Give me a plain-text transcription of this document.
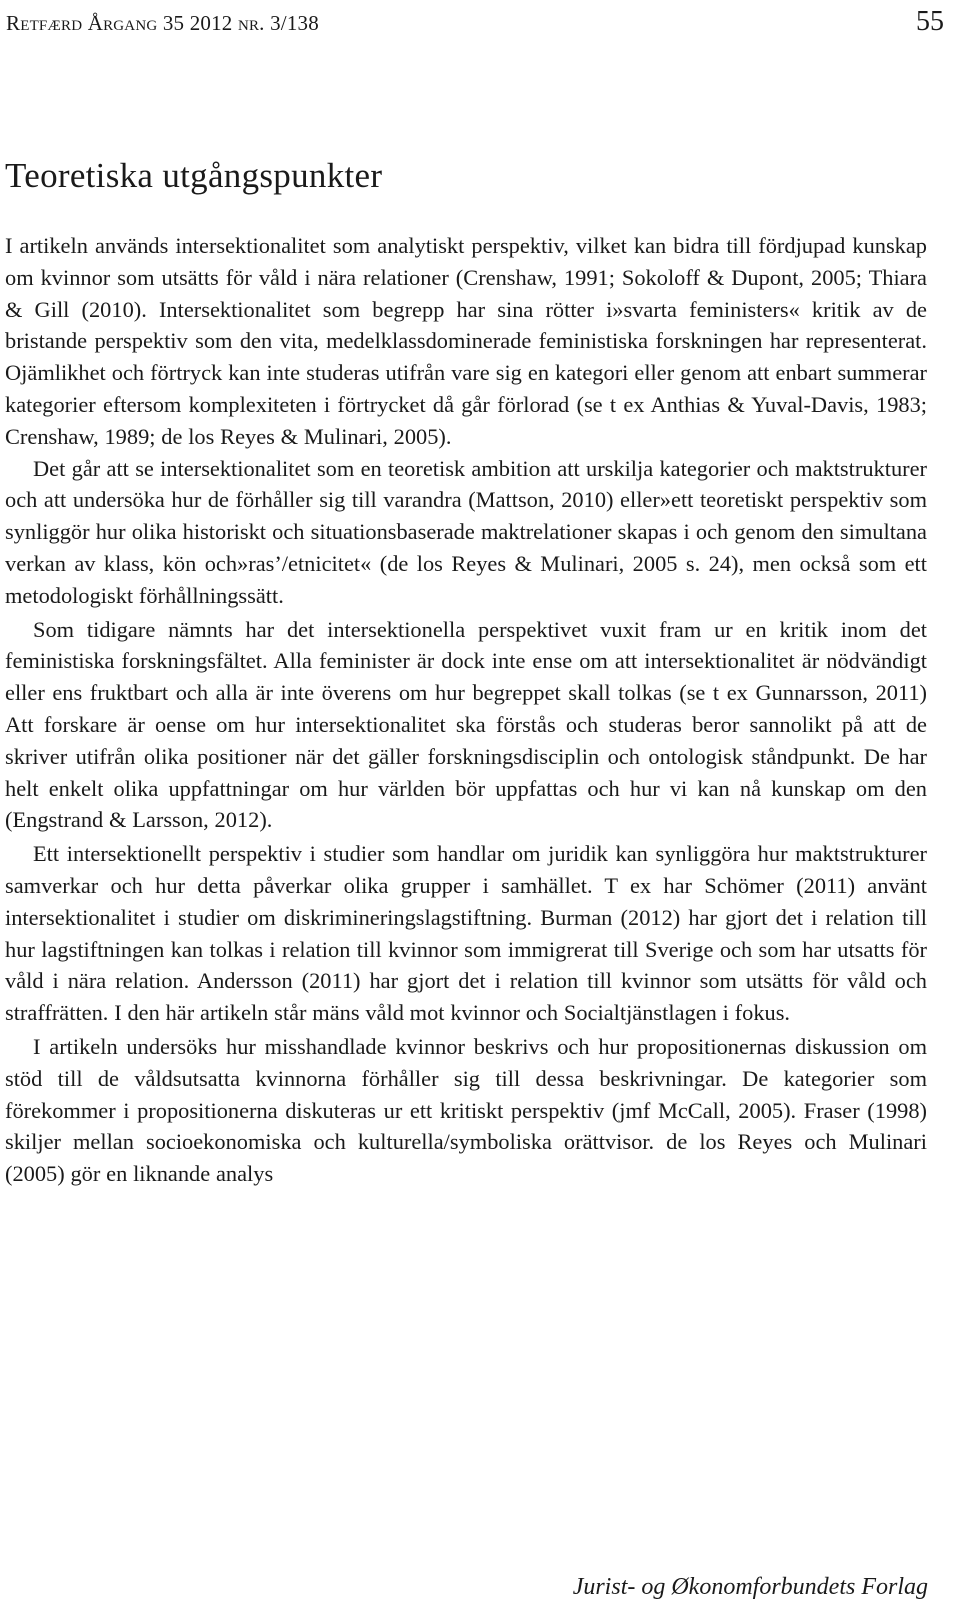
Retfærd Årgang 35 2012 nr. 3/138	55
Teoretiska utgångspunkter

I artikeln används intersektionalitet som analytiskt perspektiv, vilket kan bidra till fördjupad kunskap om kvinnor som utsätts för våld i nära relationer (Crenshaw, 1991; Sokoloff & Dupont, 2005; Thiara & Gill (2010). Intersektionalitet som begrepp har sina rötter i»svarta feministers« kritik av de bristande perspektiv som den vita, medelklassdominerade feministiska forskningen har representerat. Ojämlikhet och förtryck kan inte studeras utifrån vare sig en kategori eller genom att enbart summerar kategorier eftersom komplexiteten i förtrycket då går förlorad (se t ex Anthias & Yuval-Davis, 1983; Crenshaw, 1989; de los Reyes & Mulinari, 2005).

Det går att se intersektionalitet som en teoretisk ambition att urskilja kategorier och maktstrukturer och att undersöka hur de förhåller sig till varandra (Mattson, 2010) eller»ett teoretiskt perspektiv som synliggör hur olika historiskt och situationsbaserade maktrelationer skapas i och genom den simultana verkan av klass, kön och»ras’/etnicitet« (de los Reyes & Mulinari, 2005 s. 24), men också som ett metodologiskt förhållningssätt.

Som tidigare nämnts har det intersektionella perspektivet vuxit fram ur en kritik inom det feministiska forskningsfältet. Alla feminister är dock inte ense om att intersektionalitet är nödvändigt eller ens fruktbart och alla är inte överens om hur begreppet skall tolkas (se t ex Gunnarsson, 2011) Att forskare är oense om hur intersektionalitet ska förstås och studeras beror sannolikt på att de skriver utifrån olika positioner när det gäller forskningsdisciplin och ontologisk ståndpunkt. De har helt enkelt olika uppfattningar om hur världen bör uppfattas och hur vi kan nå kunskap om den (Engstrand & Larsson, 2012).

Ett intersektionellt perspektiv i studier som handlar om juridik kan synliggöra hur maktstrukturer samverkar och hur detta påverkar olika grupper i samhället. T ex har Schömer (2011) använt intersektionalitet i studier om diskrimineringslagstiftning. Burman (2012) har gjort det i relation till hur lagstiftningen kan tolkas i relation till kvinnor som immigrerat till Sverige och som har utsatts för våld i nära relation. Andersson (2011) har gjort det i relation till kvinnor som utsätts för våld och straffrätten. I den här artikeln står mäns våld mot kvinnor och Socialtjänstlagen i fokus.

I artikeln undersöks hur misshandlade kvinnor beskrivs och hur propositionernas diskussion om stöd till de våldsutsatta kvinnorna förhåller sig till dessa beskrivningar. De kategorier som förekommer i propositionerna diskuteras ur ett kritiskt perspektiv (jmf McCall, 2005). Fraser (1998) skiljer mellan socioekonomiska och kulturella/symboliska orättvisor. de los Reyes och Mulinari (2005) gör en liknande analys

Jurist- og Økonomforbundets Forlag
